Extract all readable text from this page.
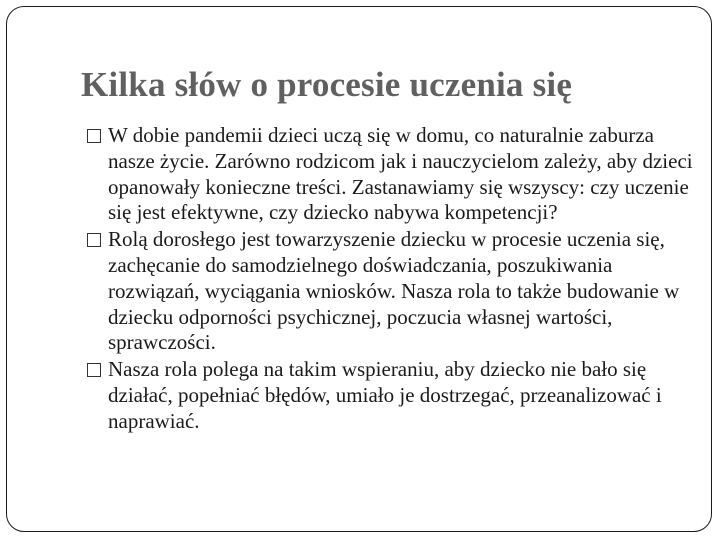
Kilka słów o procesie uczenia się
W dobie pandemii dzieci uczą się w domu, co naturalnie zaburza nasze życie. Zarówno rodzicom jak i nauczycielom zależy, aby dzieci opanowały konieczne treści. Zastanawiamy się wszyscy: czy uczenie się jest efektywne, czy dziecko nabywa kompetencji?
Rolą dorosłego jest towarzyszenie dziecku w procesie uczenia się, zachęcanie do samodzielnego doświadczania, poszukiwania rozwiązań, wyciągania wniosków. Nasza rola to także budowanie w dziecku odporności psychicznej, poczucia własnej wartości, sprawczości.
Nasza rola polega na takim wspieraniu, aby dziecko nie bało się działać, popełniać błędów, umiało je dostrzegać, przeanalizować i naprawiać.
